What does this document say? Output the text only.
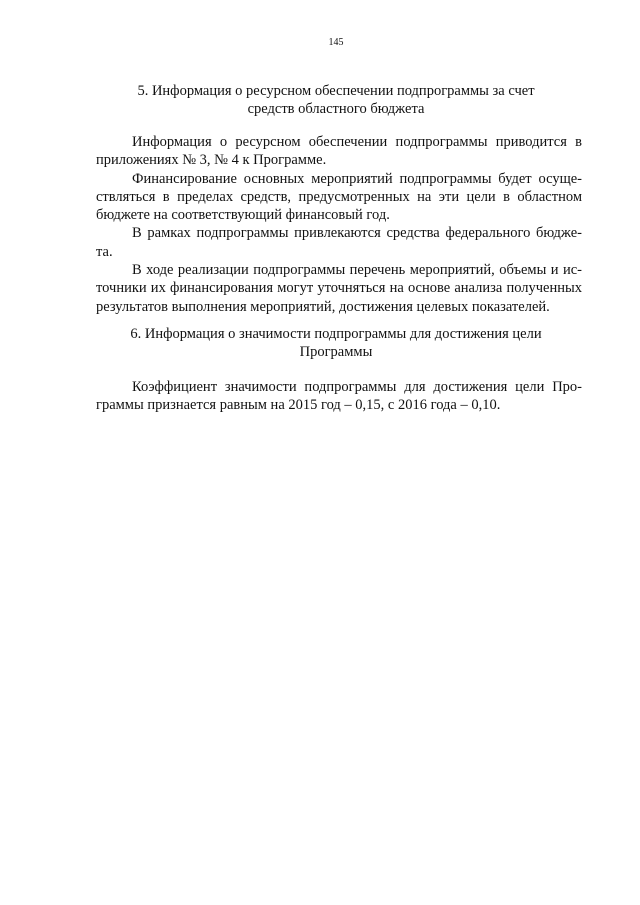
145
5. Информация о ресурсном обеспечении подпрограммы за счет
средств областного бюджета
Информация о ресурсном обеспечении подпрограммы приводится в
приложениях № 3, № 4 к Программе.
Финансирование основных мероприятий подпрограммы будет осуще-
ствляться в пределах средств, предусмотренных на эти цели в областном
бюджете на соответствующий финансовый год.
В рамках подпрограммы привлекаются средства федерального бюдже-
та.
В ходе реализации подпрограммы перечень мероприятий, объемы и ис-
точники их финансирования могут уточняться на основе анализа полученных
результатов выполнения мероприятий, достижения целевых показателей.
6. Информация о значимости подпрограммы для достижения цели
Программы
Коэффициент значимости подпрограммы для достижения цели Про-
граммы признается равным на 2015 год – 0,15, с 2016 года – 0,10.
